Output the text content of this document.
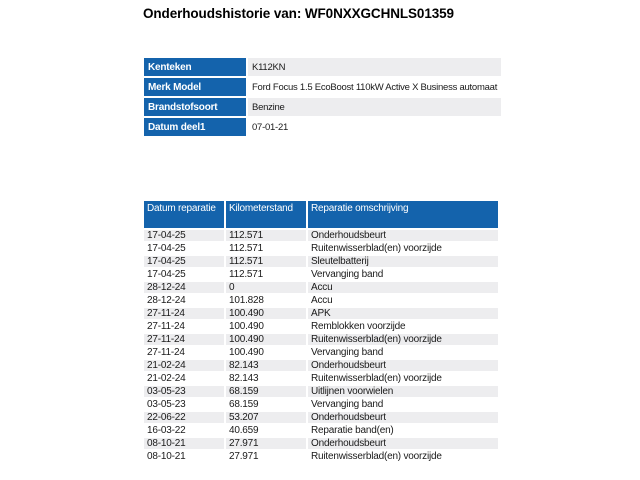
Onderhoudshistorie van: WF0NXXGCHNLS01359
Kenteken	K112KN
Merk Model	Ford Focus 1.5 EcoBoost 110kW Active X Business automaat
Brandstofsoort	Benzine
Datum deel1	07-01-21
Datum reparatie	Kilometerstand	Reparatie omschrijving
17-04-25	112.571	Onderhoudsbeurt
17-04-25	112.571	Ruitenwisserblad(en) voorzijde
17-04-25	112.571	Sleutelbatterij
17-04-25	112.571	Vervanging band
28-12-24	0	Accu
28-12-24	101.828	Accu
27-11-24	100.490	APK
27-11-24	100.490	Remblokken voorzijde
27-11-24	100.490	Ruitenwisserblad(en) voorzijde
27-11-24	100.490	Vervanging band
21-02-24	82.143	Onderhoudsbeurt
21-02-24	82.143	Ruitenwisserblad(en) voorzijde
03-05-23	68.159	Uitlijnen voorwielen
03-05-23	68.159	Vervanging band
22-06-22	53.207	Onderhoudsbeurt
16-03-22	40.659	Reparatie band(en)
08-10-21	27.971	Onderhoudsbeurt
08-10-21	27.971	Ruitenwisserblad(en) voorzijde
